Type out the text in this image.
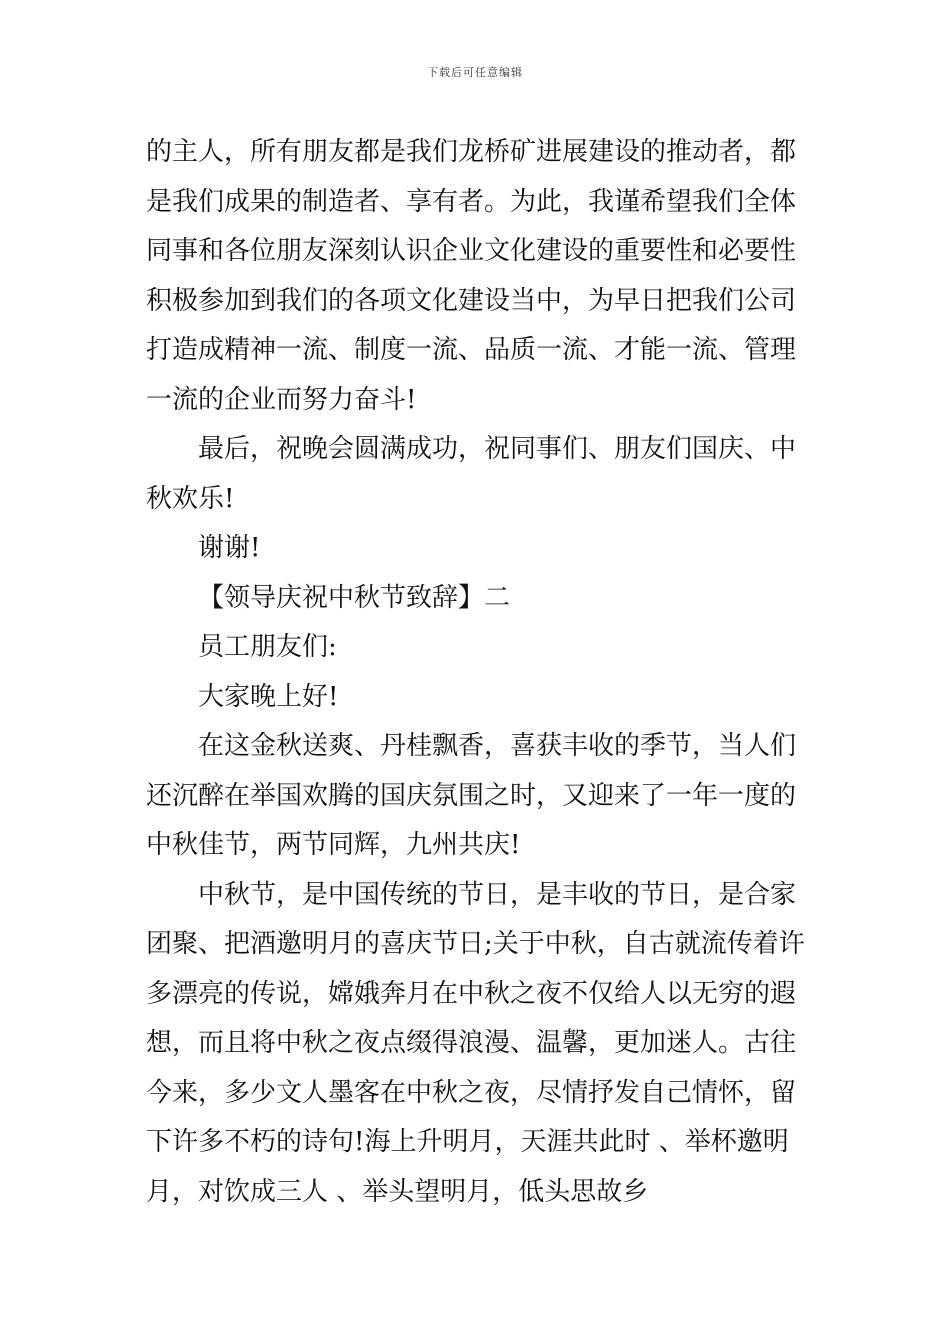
下载后可任意编辑
的主人，所有朋友都是我们龙桥矿进展建设的推动者，都
是我们成果的制造者、享有者。为此，我谨希望我们全体
同事和各位朋友深刻认识企业文化建设的重要性和必要性
积极参加到我们的各项文化建设当中，为早日把我们公司
打造成精神一流、制度一流、品质一流、才能一流、管理
一流的企业而努力奋斗!
最后，祝晚会圆满成功，祝同事们、朋友们国庆、中
秋欢乐!
谢谢!
【领导庆祝中秋节致辞】二
员工朋友们:
大家晚上好!
在这金秋送爽、丹桂飘香，喜获丰收的季节，当人们
还沉醉在举国欢腾的国庆氛围之时，又迎来了一年一度的
中秋佳节，两节同辉，九州共庆!
中秋节，是中国传统的节日，是丰收的节日，是合家
团聚、把酒邀明月的喜庆节日;关于中秋，自古就流传着许
多漂亮的传说，嫦娥奔月在中秋之夜不仅给人以无穷的遐
想，而且将中秋之夜点缀得浪漫、温馨，更加迷人。古往
今来，多少文人墨客在中秋之夜，尽情抒发自己情怀，留
下许多不朽的诗句!海上升明月，天涯共此时 、举杯邀明
月，对饮成三人 、举头望明月，低头思故乡
